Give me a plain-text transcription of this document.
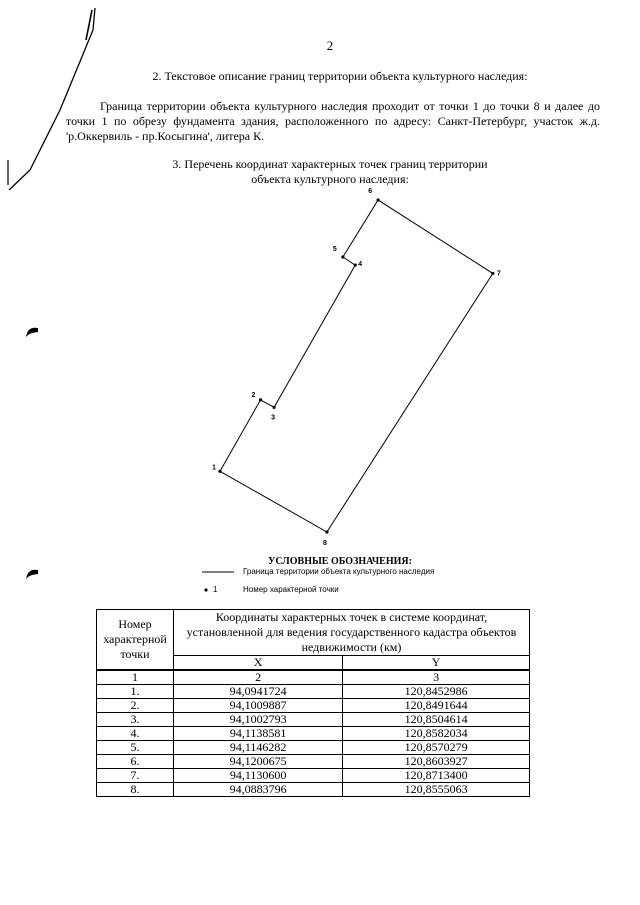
2
2. Текстовое описание границ территории объекта культурного наследия:
Граница территории объекта культурного наследия проходит от точки 1 до точки 8 и далее до точки 1 по обрезу фундамента здания, расположенного по адресу: Санкт-Петербург, участок ж.д. 'р.Оккервиль - пр.Косыгина', литера К.
3. Перечень координат характерных точек границ территории
объекта культурного наследия:
1
2
3
4
5
6
7
8
УСЛОВНЫЕ ОБОЗНАЧЕНИЯ:
Граница территории объекта культурного наследия
1	Номер характерной точки
Номер характерной точки	Координаты характерных точек в системе координат, установленной для ведения государственного кадастра объектов недвижимости (км)	
	X	Y
1	2	3
1.	94,0941724	120,8452986
2.	94,1009887	120,8491644
3.	94,1002793	120,8504614
4.	94,1138581	120,8582034
5.	94,1146282	120,8570279
6.	94,1200675	120,8603927
7.	94,1130600	120,8713400
8.	94,0883796	120,8555063
